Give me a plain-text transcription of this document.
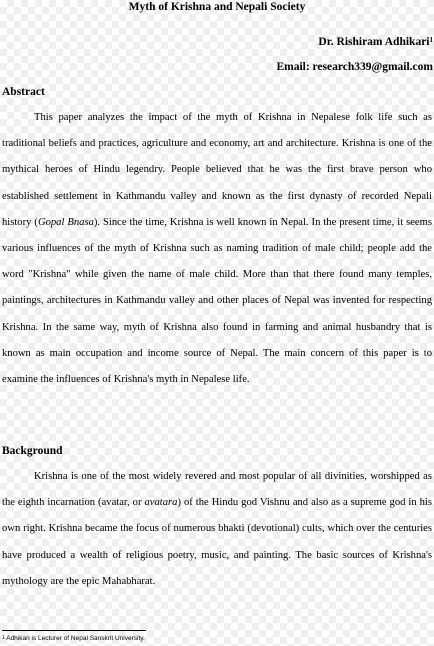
Myth of Krishna and Nepali Society
Dr. Rishiram Adhikari$^1$
Email: research339@gmail.com
Abstract
This paper analyzes the impact of the myth of Krishna in Nepalese folk life such as traditional beliefs and practices, agriculture and economy, art and architecture. Krishna is one of the mythical heroes of Hindu legendry. People believed that he was the first brave person who established settlement in Kathmandu valley and known as the first dynasty of recorded Nepali history (Gopal Bnasa). Since the time, Krishna is well known in Nepal. In the present time, it seems various influences of the myth of Krishna such as naming tradition of male child; people add the word "Krishna" while given the name of male child. More than that there found many temples, paintings, architectures in Kathmandu valley and other places of Nepal was invented for respecting Krishna. In the same way, myth of Krishna also found in farming and animal husbandry that is known as main occupation and income source of Nepal. The main concern of this paper is to examine the influences of Krishna's myth in Nepalese life.
Background
Krishna is one of the most widely revered and most popular of all divinities, worshipped as the eighth incarnation (avatar, or avatara) of the Hindu god Vishnu and also as a supreme god in his own right. Krishna became the focus of numerous bhakti (devotional) cults, which over the centuries have produced a wealth of religious poetry, music, and painting. The basic sources of Krishna's mythology are the epic Mahabharat.
$^1$ Adhikari is Lecturer of Nepal Sanskrit University.
